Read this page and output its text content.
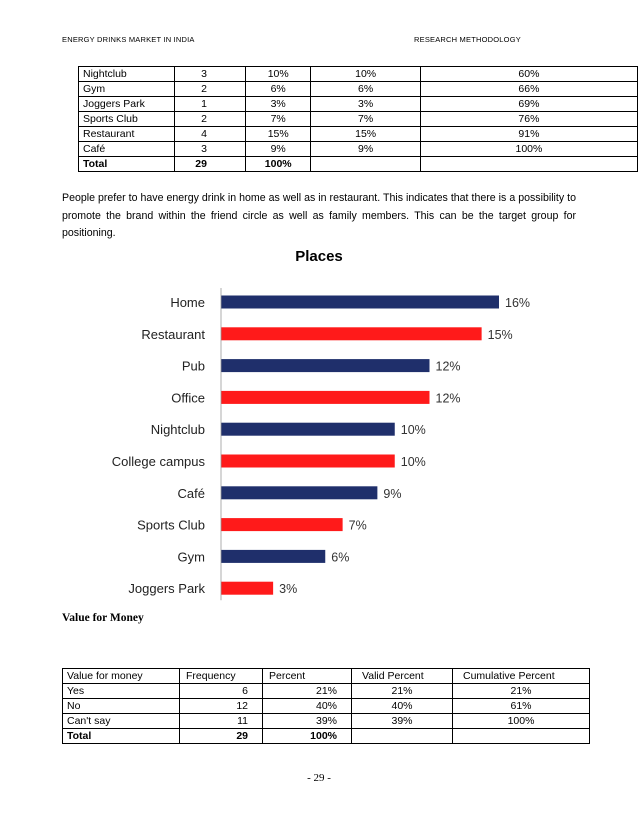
ENERGY DRINKS MARKET IN INDIA	RESEARCH METHODOLOGY
Nightclub	3	10%	10%	60%
Gym	2	6%	6%	66%
Joggers Park	1	3%	3%	69%
Sports Club	2	7%	7%	76%
Restaurant	4	15%	15%	91%
Café	3	9%	9%	100%
Total	29	100%		
People prefer to have energy drink in home as well as in restaurant. This indicates that there is a possibility to promote the brand within the friend circle as well as family members. This can be the target group for positioning.
Places
Home	16%
Restaurant	15%
Pub	12%
Office	12%
Nightclub	10%
College campus	10%
Café	9%
Sports Club	7%
Gym	6%
Joggers Park	3%
Value for Money
Value for money	Frequency	Percent	Valid Percent	Cumulative Percent
Yes	6	21%	21%	21%
No	12	40%	40%	61%
Can't say	11	39%	39%	100%
Total	29	100%		
- 29 -
